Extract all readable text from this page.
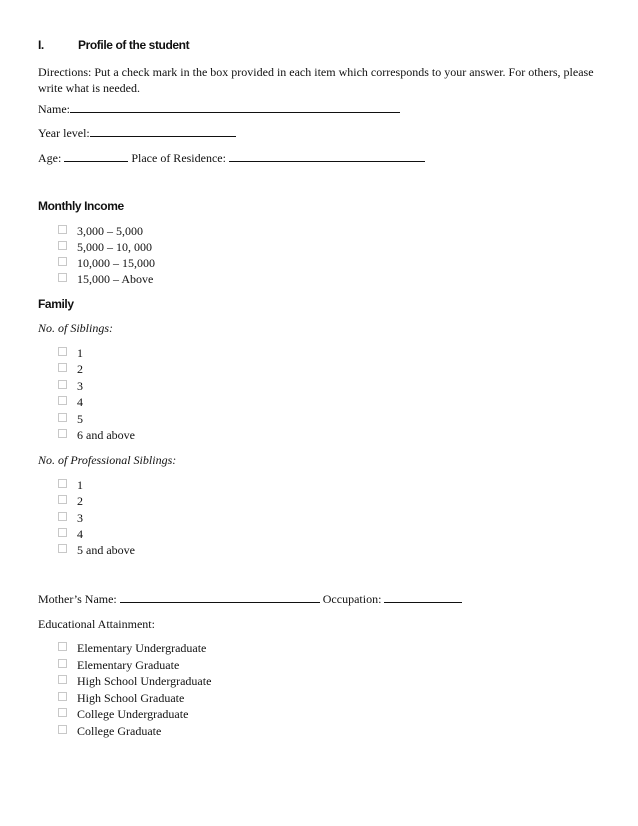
I.	Profile of the student
Directions: Put a check mark in the box provided in each item which corresponds to your answer. For others, please write what is needed.
Name:
Year level:
Age:	Place of Residence:
Monthly Income
3,000 – 5,000
5,000 – 10, 000
10,000 – 15,000
15,000 – Above
Family
No. of Siblings:
1
2
3
4
5
6 and above
No. of Professional Siblings:
1
2
3
4
5 and above
Mother’s Name:	Occupation:
Educational Attainment:
Elementary Undergraduate
Elementary Graduate
High School Undergraduate
High School Graduate
College Undergraduate
College Graduate
